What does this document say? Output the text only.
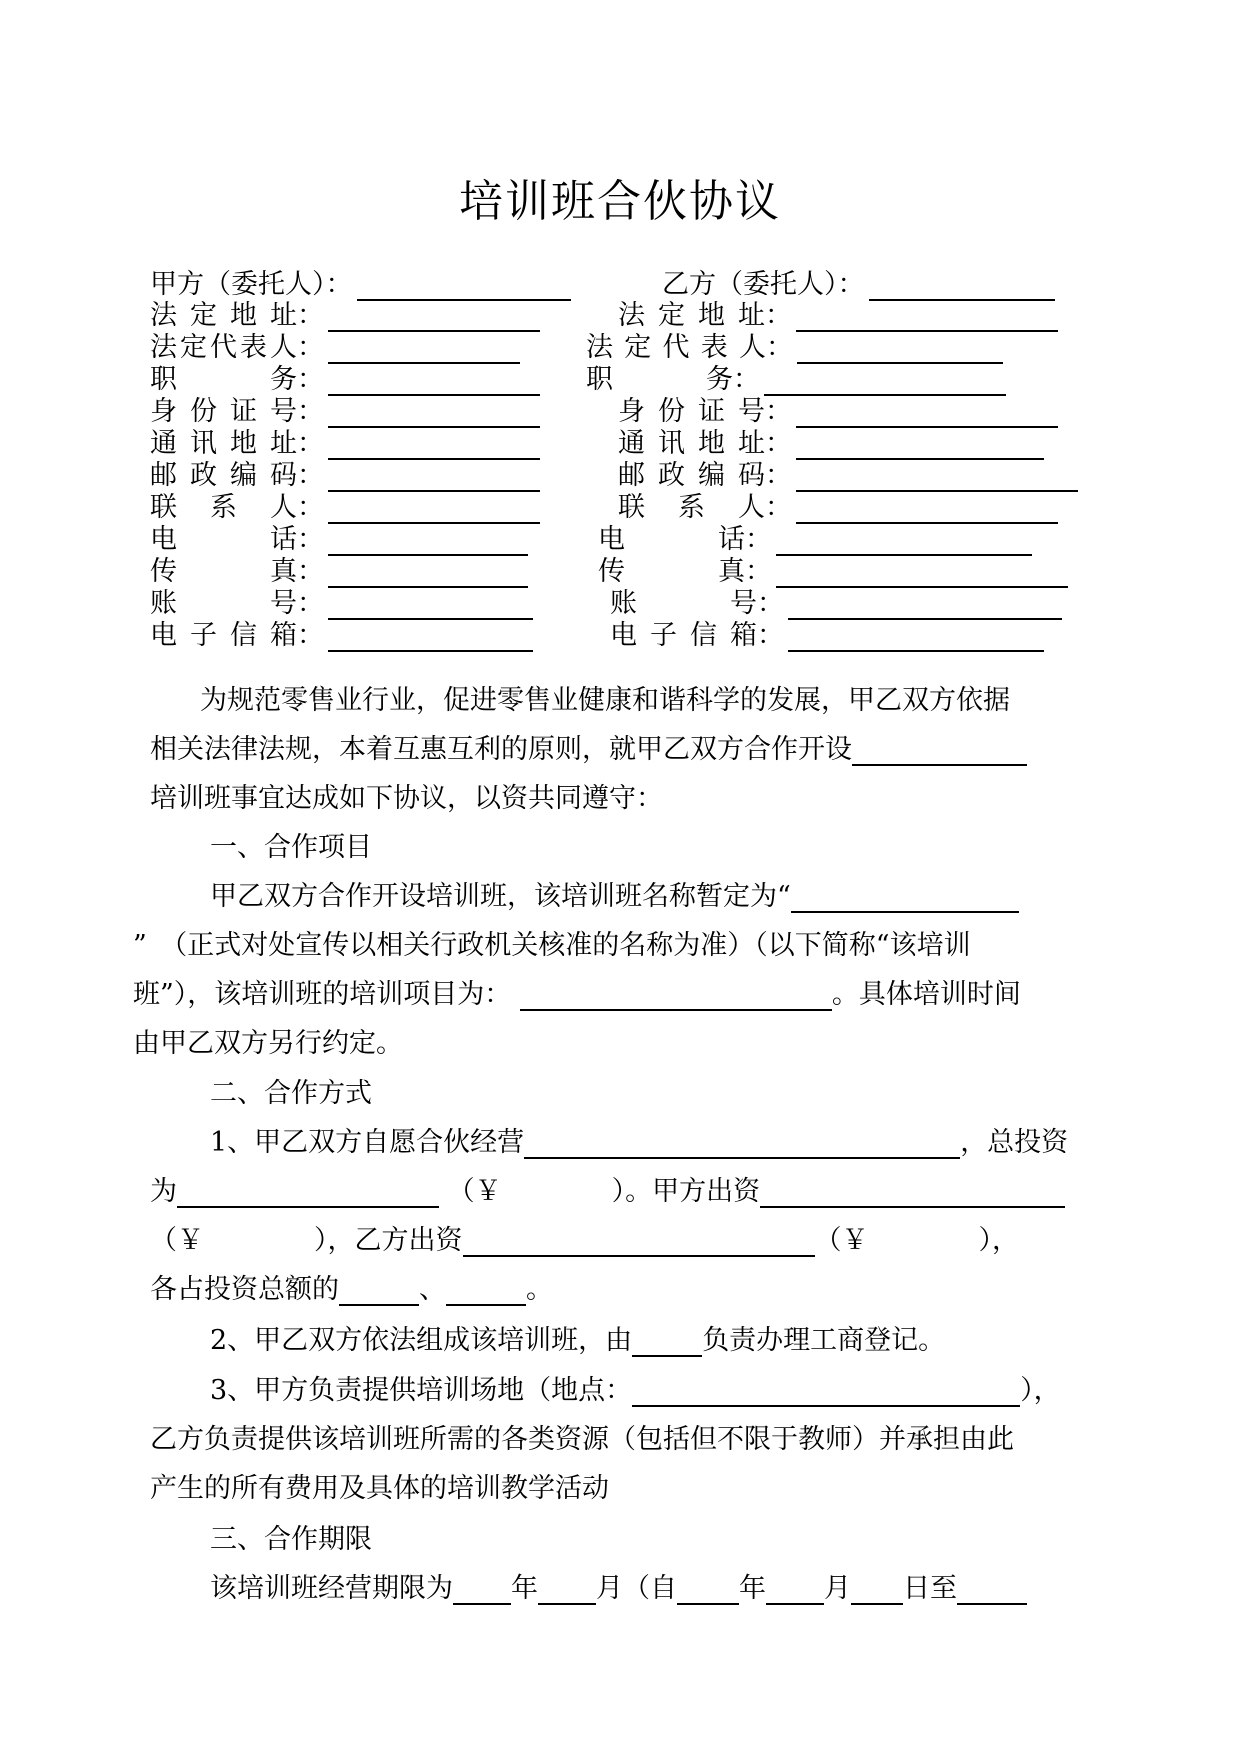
培训班合伙协议
甲方（委托人）：	乙方（委托人）：
法定地址：	法定地址：
法定代表人：	法定代表人：
职务：	职务：
身份证号：	身份证号：
通讯地址：	通讯地址：
邮政编码：	邮政编码：
联系人：	联系人：
电话：	电话：
传真：	传真：
账号：	账号：
电子信箱：	电子信箱：
为规范零售业行业，促进零售业健康和谐科学的发展，甲乙双方依据
相关法律法规，本着互惠互利的原则，就甲乙双方合作开设
培训班事宜达成如下协议，以资共同遵守：
一、合作项目
甲乙双方合作开设培训班，该培训班名称暂定为“
”　（正式对处宣传以相关行政机关核准的名称为准）（以下简称“该培训
班”），该培训班的培训项目为：	。具体培训时间
由甲乙双方另行约定。
二、合作方式
1、甲乙双方自愿合伙经营	，总投资
为	（￥	）。甲方出资
（￥	），乙方出资	（￥	），
各占投资总额的	、	。
2、甲乙双方依法组成该培训班，由	负责办理工商登记。
3、甲方负责提供培训场地（地点：	），
乙方负责提供该培训班所需的各类资源（包括但不限于教师）并承担由此
产生的所有费用及具体的培训教学活动
三、合作期限
该培训班经营期限为 年 月（自 年 月 日至
